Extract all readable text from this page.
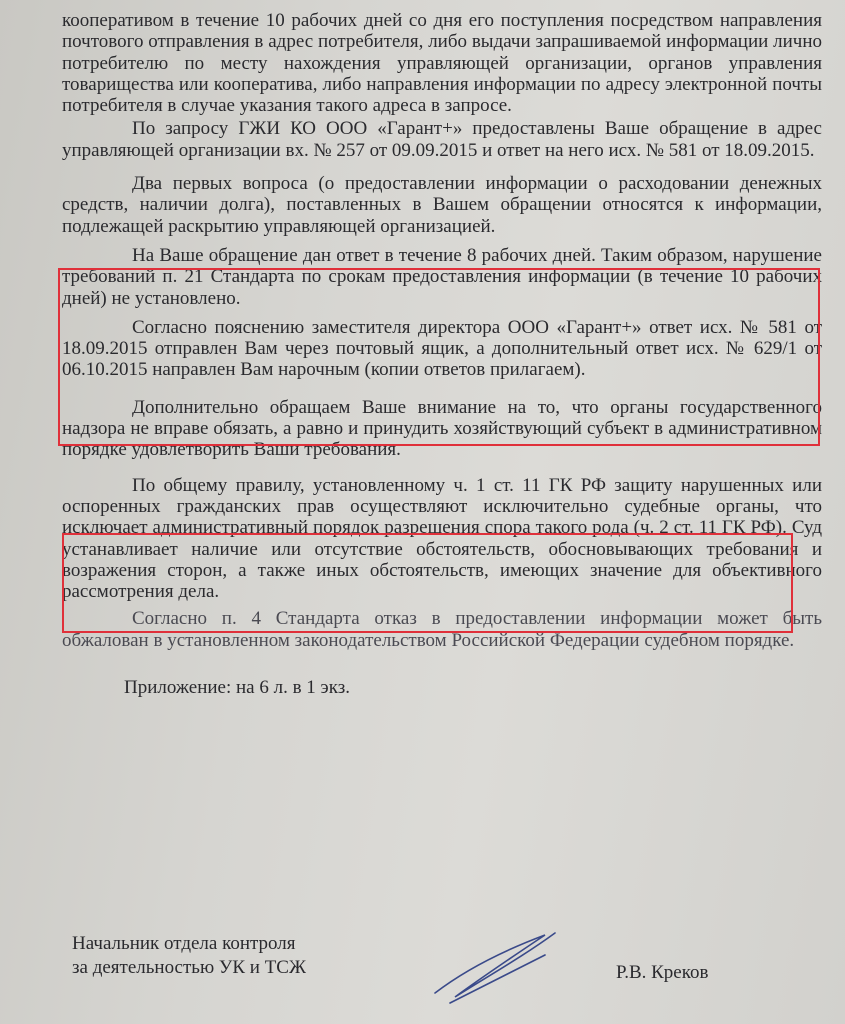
кооперативом в течение 10 рабочих дней со дня его поступления посредством направления почтового отправления в адрес потребителя, либо выдачи запрашиваемой информации лично потребителю по месту нахождения управляющей организации, органов управления товарищества или кооператива, либо направления информации по адресу электронной почты потребителя в случае указания такого адреса в запросе.

По запросу ГЖИ КО ООО «Гарант+» предоставлены Ваше обращение в адрес управляющей организации вх. № 257 от 09.09.2015 и ответ на него исх. № 581 от 18.09.2015.

Два первых вопроса (о предоставлении информации о расходовании денежных средств, наличии долга), поставленных в Вашем обращении относятся к информации, подлежащей раскрытию управляющей организацией.

На Ваше обращение дан ответ в течение 8 рабочих дней. Таким образом, нарушение требований п. 21 Стандарта по срокам предоставления информации (в течение 10 рабочих дней) не установлено.

Согласно пояснению заместителя директора ООО «Гарант+» ответ исх. № 581 от 18.09.2015 отправлен Вам через почтовый ящик, а дополнительный ответ исх. № 629/1 от 06.10.2015 направлен Вам нарочным (копии ответов прилагаем).

Дополнительно обращаем Ваше внимание на то, что органы государственного надзора не вправе обязать, а равно и принудить хозяйствующий субъект в административном порядке удовлетворить Ваши требования.

По общему правилу, установленному ч. 1 ст. 11 ГК РФ защиту нарушенных или оспоренных гражданских прав осуществляют исключительно судебные органы, что исключает административный порядок разрешения спора такого рода (ч. 2 ст. 11 ГК РФ). Суд устанавливает наличие или отсутствие обстоятельств, обосновывающих требования и возражения сторон, а также иных обстоятельств, имеющих значение для объективного рассмотрения дела.

Согласно п. 4 Стандарта отказ в предоставлении информации может быть обжалован в установленном законодательством Российской Федерации судебном порядке.

Приложение: на 6 л. в 1 экз.

Начальник отдела контроля
за деятельностью УК и ТСЖ	Р.В. Креков
